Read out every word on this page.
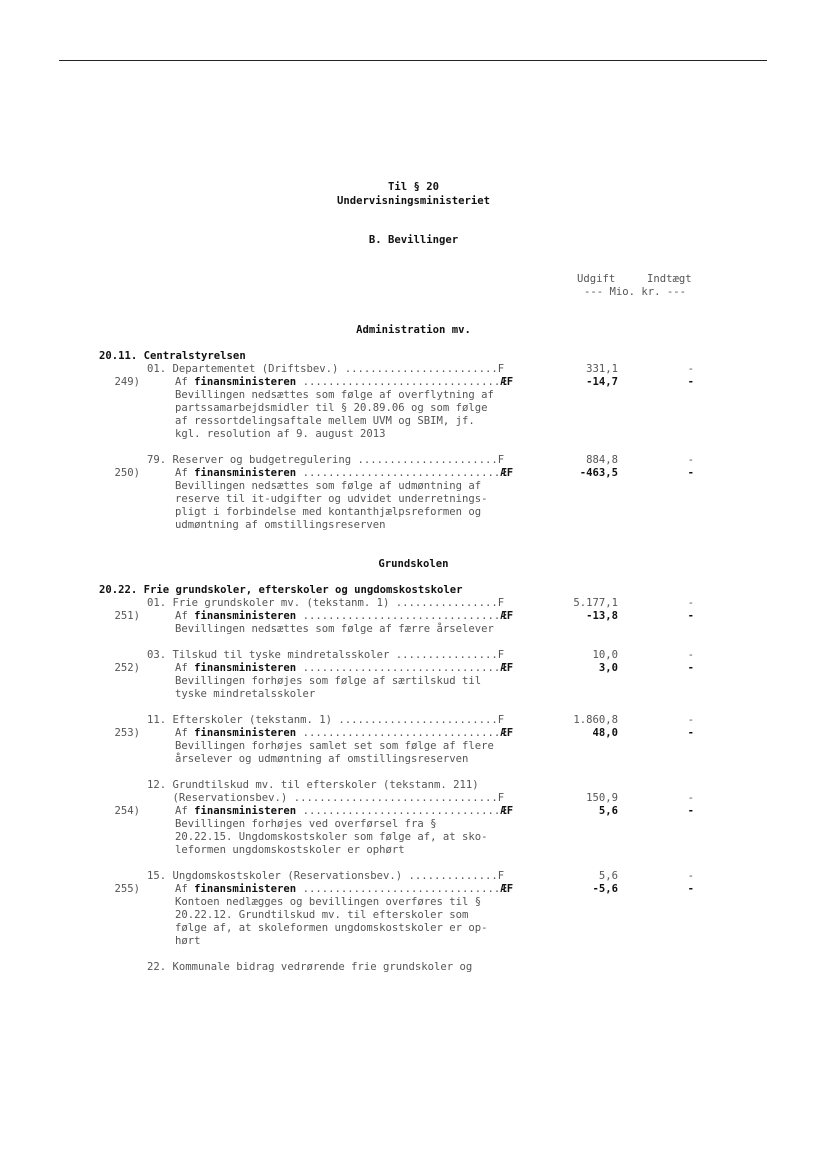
Til § 20
Undervisningsministeriet
B. Bevillinger
Udgift	Indtægt
--- Mio. kr. ---
Administration mv.
20.11. Centralstyrelsen
01. Departementet (Driftsbev.) ........................F	331,1	-
249)	Af finansministeren ...............................ÆF	-14,7	-
Bevillingen nedsættes som følge af overflytning af
partssamarbejdsmidler til § 20.89.06 og som følge
af ressortdelingsaftale mellem UVM og SBIM, jf.
kgl. resolution af 9. august 2013
79. Reserver og budgetregulering ......................F	884,8	-
250)	Af finansministeren ...............................ÆF	-463,5	-
Bevillingen nedsættes som følge af udmøntning af
reserve til it-udgifter og udvidet underretnings-
pligt i forbindelse med kontanthjælpsreformen og
udmøntning af omstillingsreserven
Grundskolen
20.22. Frie grundskoler, efterskoler og ungdomskostskoler
01. Frie grundskoler mv. (tekstanm. 1) ................F	5.177,1	-
251)	Af finansministeren ...............................ÆF	-13,8	-
Bevillingen nedsættes som følge af færre årselever
03. Tilskud til tyske mindretalsskoler ................F	10,0	-
252)	Af finansministeren ...............................ÆF	3,0	-
Bevillingen forhøjes som følge af særtilskud til
tyske mindretalsskoler
11. Efterskoler (tekstanm. 1) .........................F	1.860,8	-
253)	Af finansministeren ...............................ÆF	48,0	-
Bevillingen forhøjes samlet set som følge af flere
årselever og udmøntning af omstillingsreserven
12. Grundtilskud mv. til efterskoler (tekstanm. 211)
(Reservationsbev.) ................................F	150,9	-
254)	Af finansministeren ...............................ÆF	5,6	-
Bevillingen forhøjes ved overførsel fra §
20.22.15. Ungdomskostskoler som følge af, at sko-
leformen ungdomskostskoler er ophørt
15. Ungdomskostskoler (Reservationsbev.) ..............F	5,6	-
255)	Af finansministeren ...............................ÆF	-5,6	-
Kontoen nedlægges og bevillingen overføres til §
20.22.12. Grundtilskud mv. til efterskoler som
følge af, at skoleformen ungdomskostskoler er op-
hørt
22. Kommunale bidrag vedrørende frie grundskoler og
